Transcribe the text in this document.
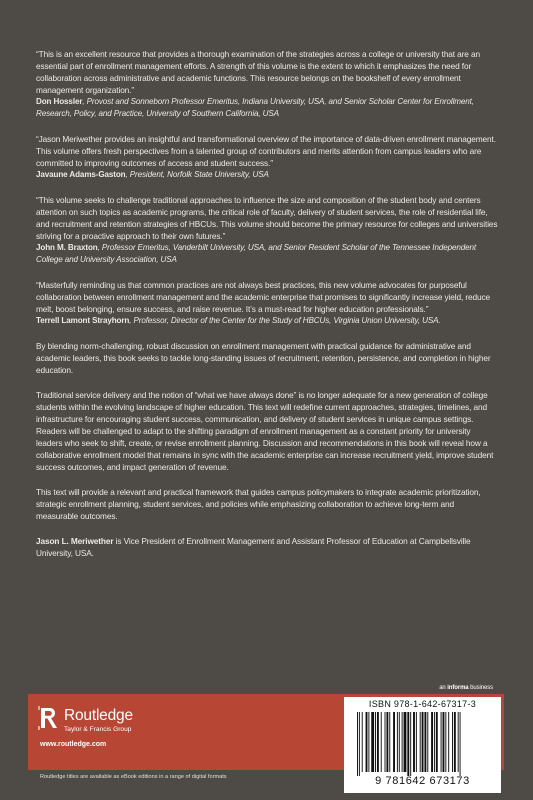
“This is an excellent resource that provides a thorough examination of the strategies across a college or university that are an essential part of enrollment management efforts. A strength of this volume is the extent to which it emphasizes the need for collaboration across administrative and academic functions. This resource belongs on the bookshelf of every enrollment management organization.”

Don Hossler, Provost and Sonneborn Professor Emeritus, Indiana University, USA, and Senior Scholar Center for Enrollment, Research, Policy, and Practice, University of Southern California, USA

“Jason Meriwether provides an insightful and transformational overview of the importance of data-driven enrollment management. This volume offers fresh perspectives from a talented group of contributors and merits attention from campus leaders who are committed to improving outcomes of access and student success.”

Javaune Adams-Gaston, President, Norfolk State University, USA

“This volume seeks to challenge traditional approaches to influence the size and composition of the student body and centers attention on such topics as academic programs, the critical role of faculty, delivery of student services, the role of residential life, and recruitment and retention strategies of HBCUs. This volume should become the primary resource for colleges and universities striving for a proactive approach to their own futures.”

John M. Braxton, Professor Emeritus, Vanderbilt University, USA, and Senior Resident Scholar of the Tennessee Independent College and University Association, USA

“Masterfully reminding us that common practices are not always best practices, this new volume advocates for purposeful collaboration between enrollment management and the academic enterprise that promises to significantly increase yield, reduce melt, boost belonging, ensure success, and raise revenue. It’s a must-read for higher education professionals.”

Terrell Lamont Strayhorn, Professor, Director of the Center for the Study of HBCUs, Virginia Union University, USA.

By blending norm-challenging, robust discussion on enrollment management with practical guidance for administrative and academic leaders, this book seeks to tackle long-standing issues of recruitment, retention, persistence, and completion in higher education.

Traditional service delivery and the notion of “what we have always done” is no longer adequate for a new generation of college students within the evolving landscape of higher education. This text will redefine current approaches, strategies, timelines, and infrastructure for encouraging student success, communication, and delivery of student services in unique campus settings. Readers will be challenged to adapt to the shifting paradigm of enrollment management as a constant priority for university leaders who seek to shift, create, or revise enrollment planning. Discussion and recommendations in this book will reveal how a collaborative enrollment model that remains in sync with the academic enterprise can increase recruitment yield, improve student success outcomes, and impact generation of revenue.

This text will provide a relevant and practical framework that guides campus policymakers to integrate academic prioritization, strategic enrollment planning, student services, and policies while emphasizing collaboration to achieve long-term and measurable outcomes.

Jason L. Meriwether is Vice President of Enrollment Management and Assistant Professor of Education at Campbellsville University, USA.

an informa business
Routledge
Taylor & Francis Group
www.routledge.com
Routledge titles are available as eBook editions in a range of digital formats
ISBN 978-1-642-67317-3
9 781642 673173
